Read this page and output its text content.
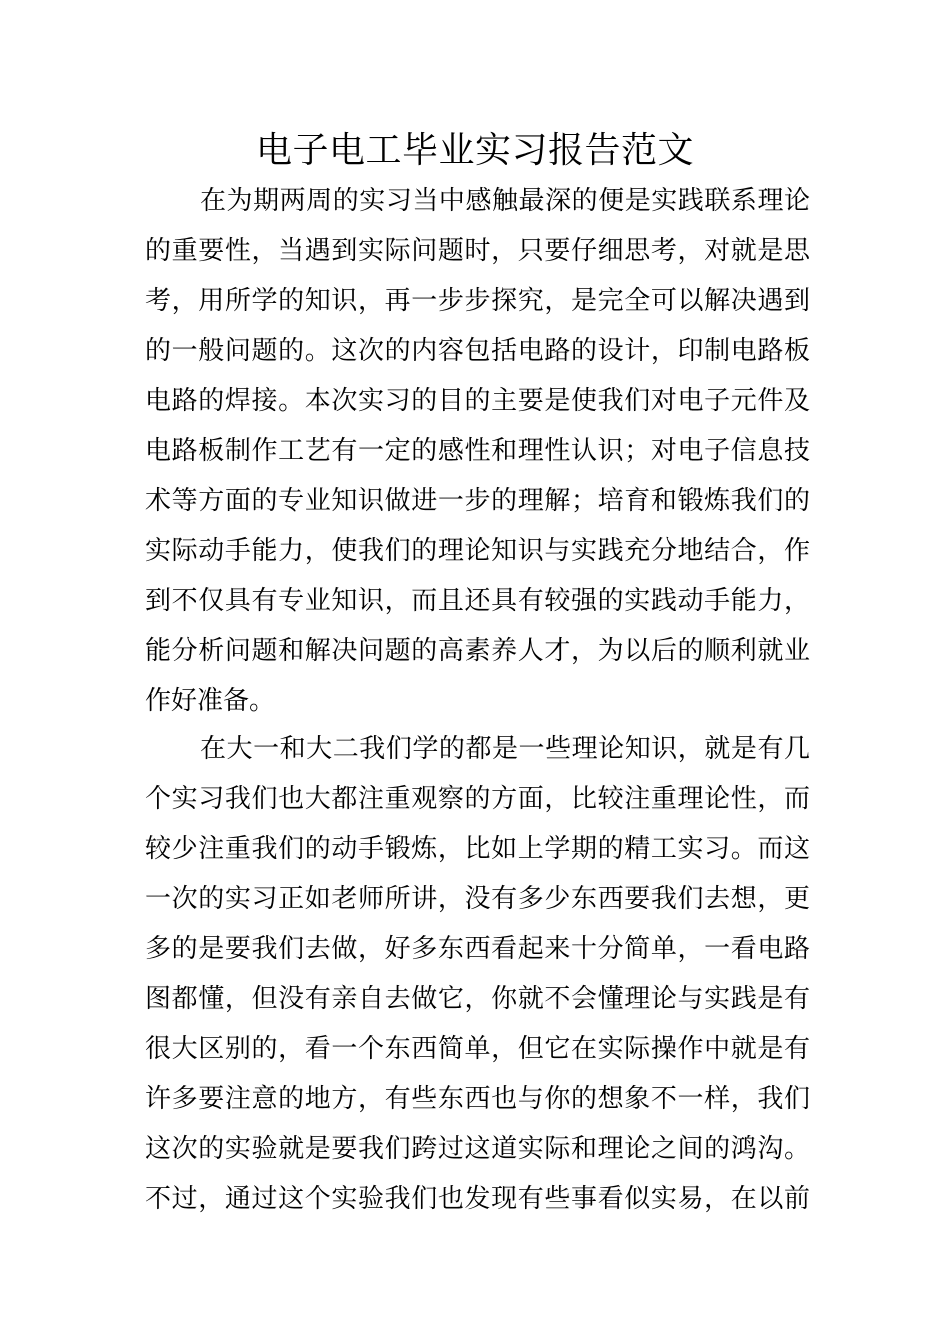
电子电工毕业实习报告范文
在为期两周的实习当中感触最深的便是实践联系理论
的重要性，当遇到实际问题时，只要仔细思考，对就是思
考，用所学的知识，再一步步探究，是完全可以解决遇到
的一般问题的。这次的内容包括电路的设计，印制电路板
电路的焊接。本次实习的目的主要是使我们对电子元件及
电路板制作工艺有一定的感性和理性认识；对电子信息技
术等方面的专业知识做进一步的理解；培育和锻炼我们的
实际动手能力，使我们的理论知识与实践充分地结合，作
到不仅具有专业知识，而且还具有较强的实践动手能力，
能分析问题和解决问题的高素养人才，为以后的顺利就业
作好准备。
在大一和大二我们学的都是一些理论知识，就是有几
个实习我们也大都注重观察的方面，比较注重理论性，而
较少注重我们的动手锻炼，比如上学期的精工实习。而这
一次的实习正如老师所讲，没有多少东西要我们去想，更
多的是要我们去做，好多东西看起来十分简单，一看电路
图都懂，但没有亲自去做它，你就不会懂理论与实践是有
很大区别的，看一个东西简单，但它在实际操作中就是有
许多要注意的地方，有些东西也与你的想象不一样，我们
这次的实验就是要我们跨过这道实际和理论之间的鸿沟。
不过，通过这个实验我们也发现有些事看似实易，在以前
